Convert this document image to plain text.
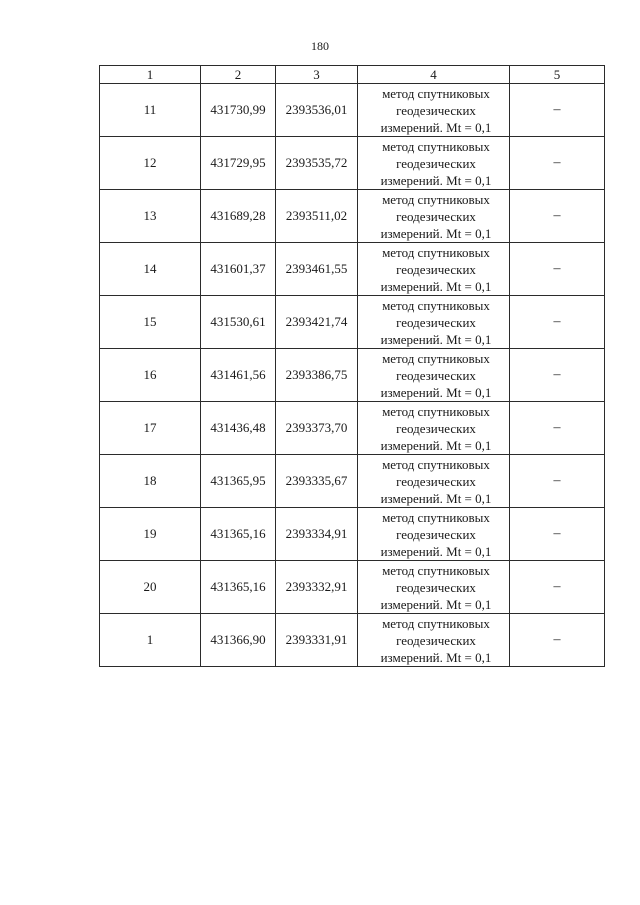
180
1	2	3	4	5
11	431730,99	2393536,01	метод спутниковых
геодезических
измерений. Mt = 0,1	–
12	431729,95	2393535,72	метод спутниковых
геодезических
измерений. Mt = 0,1	–
13	431689,28	2393511,02	метод спутниковых
геодезических
измерений. Mt = 0,1	–
14	431601,37	2393461,55	метод спутниковых
геодезических
измерений. Mt = 0,1	–
15	431530,61	2393421,74	метод спутниковых
геодезических
измерений. Mt = 0,1	–
16	431461,56	2393386,75	метод спутниковых
геодезических
измерений. Mt = 0,1	–
17	431436,48	2393373,70	метод спутниковых
геодезических
измерений. Mt = 0,1	–
18	431365,95	2393335,67	метод спутниковых
геодезических
измерений. Mt = 0,1	–
19	431365,16	2393334,91	метод спутниковых
геодезических
измерений. Mt = 0,1	–
20	431365,16	2393332,91	метод спутниковых
геодезических
измерений. Mt = 0,1	–
1	431366,90	2393331,91	метод спутниковых
геодезических
измерений. Mt = 0,1	–
